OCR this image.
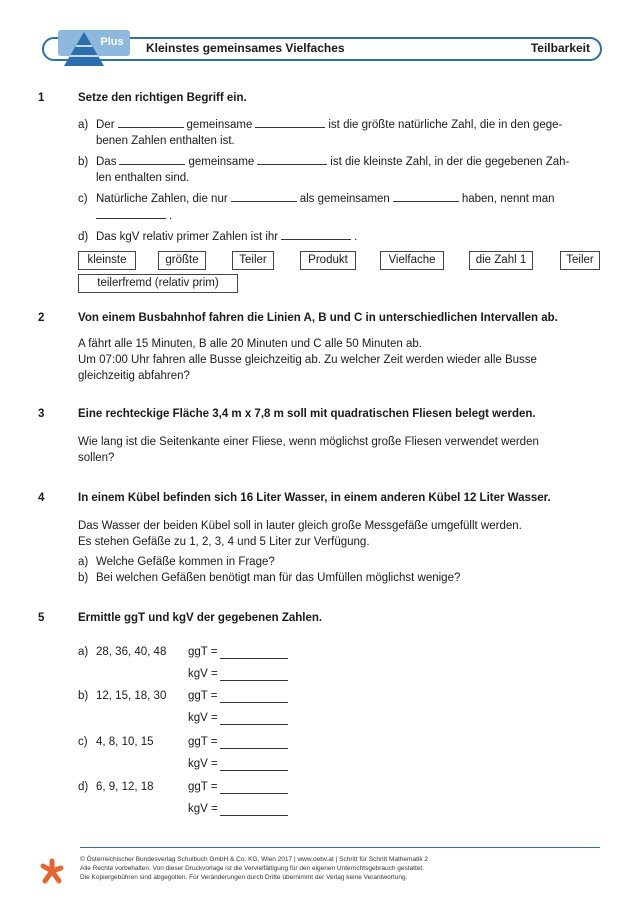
Plus Kleinstes gemeinsames Vielfaches	Teilbarkeit
1	Setze den richtigen Begriff ein.
a) Der	gemeinsame	ist die größte natürliche Zahl, die in den gege-
benen Zahlen enthalten ist.
b) Das	gemeinsame	ist die kleinste Zahl, in der die gegebenen Zah-
len enthalten sind.
c) Natürliche Zahlen, die nur	als gemeinsamen	haben, nennt man
.
d) Das kgV relativ primer Zahlen ist ihr	.
kleinste	größte	Teiler	Produkt	Vielfache	die Zahl 1	Teiler
teilerfremd (relativ prim)
2	Von einem Busbahnhof fahren die Linien A, B und C in unterschiedlichen Intervallen ab.
A fährt alle 15 Minuten, B alle 20 Minuten und C alle 50 Minuten ab.
Um 07:00 Uhr fahren alle Busse gleichzeitig ab. Zu welcher Zeit werden wieder alle Busse
gleichzeitig abfahren?
3	Eine rechteckige Fläche 3,4 m x 7,8 m soll mit quadratischen Fliesen belegt werden.
Wie lang ist die Seitenkante einer Fliese, wenn möglichst große Fliesen verwendet werden
sollen?
4	In einem Kübel befinden sich 16 Liter Wasser, in einem anderen Kübel 12 Liter Wasser.
Das Wasser der beiden Kübel soll in lauter gleich große Messgefäße umgefüllt werden.
Es stehen Gefäße zu 1, 2, 3, 4 und 5 Liter zur Verfügung.
a) Welche Gefäße kommen in Frage?
b) Bei welchen Gefäßen benötigt man für das Umfüllen möglichst wenige?
5	Ermittle ggT und kgV der gegebenen Zahlen.
a) 28, 36, 40, 48 ggT =
kgV =
b) 12, 15, 18, 30 ggT =
kgV =
c) 4, 8, 10, 15	ggT =
kgV =
d) 6, 9, 12, 18	ggT =
kgV =
© Österreichischer Bundesverlag Schulbuch GmbH & Co. KG, Wien 2017 | www.oebv.at | Schritt für Schritt Mathematik 2
Alle Rechte vorbehalten. Von dieser Druckvorlage ist die Vervielfältigung für den eigenen Unterrichtsgebrauch gestattet.
Die Kopiergebühren sind abgegolten. Für Veränderungen durch Dritte übernimmt der Verlag keine Verantwortung.
